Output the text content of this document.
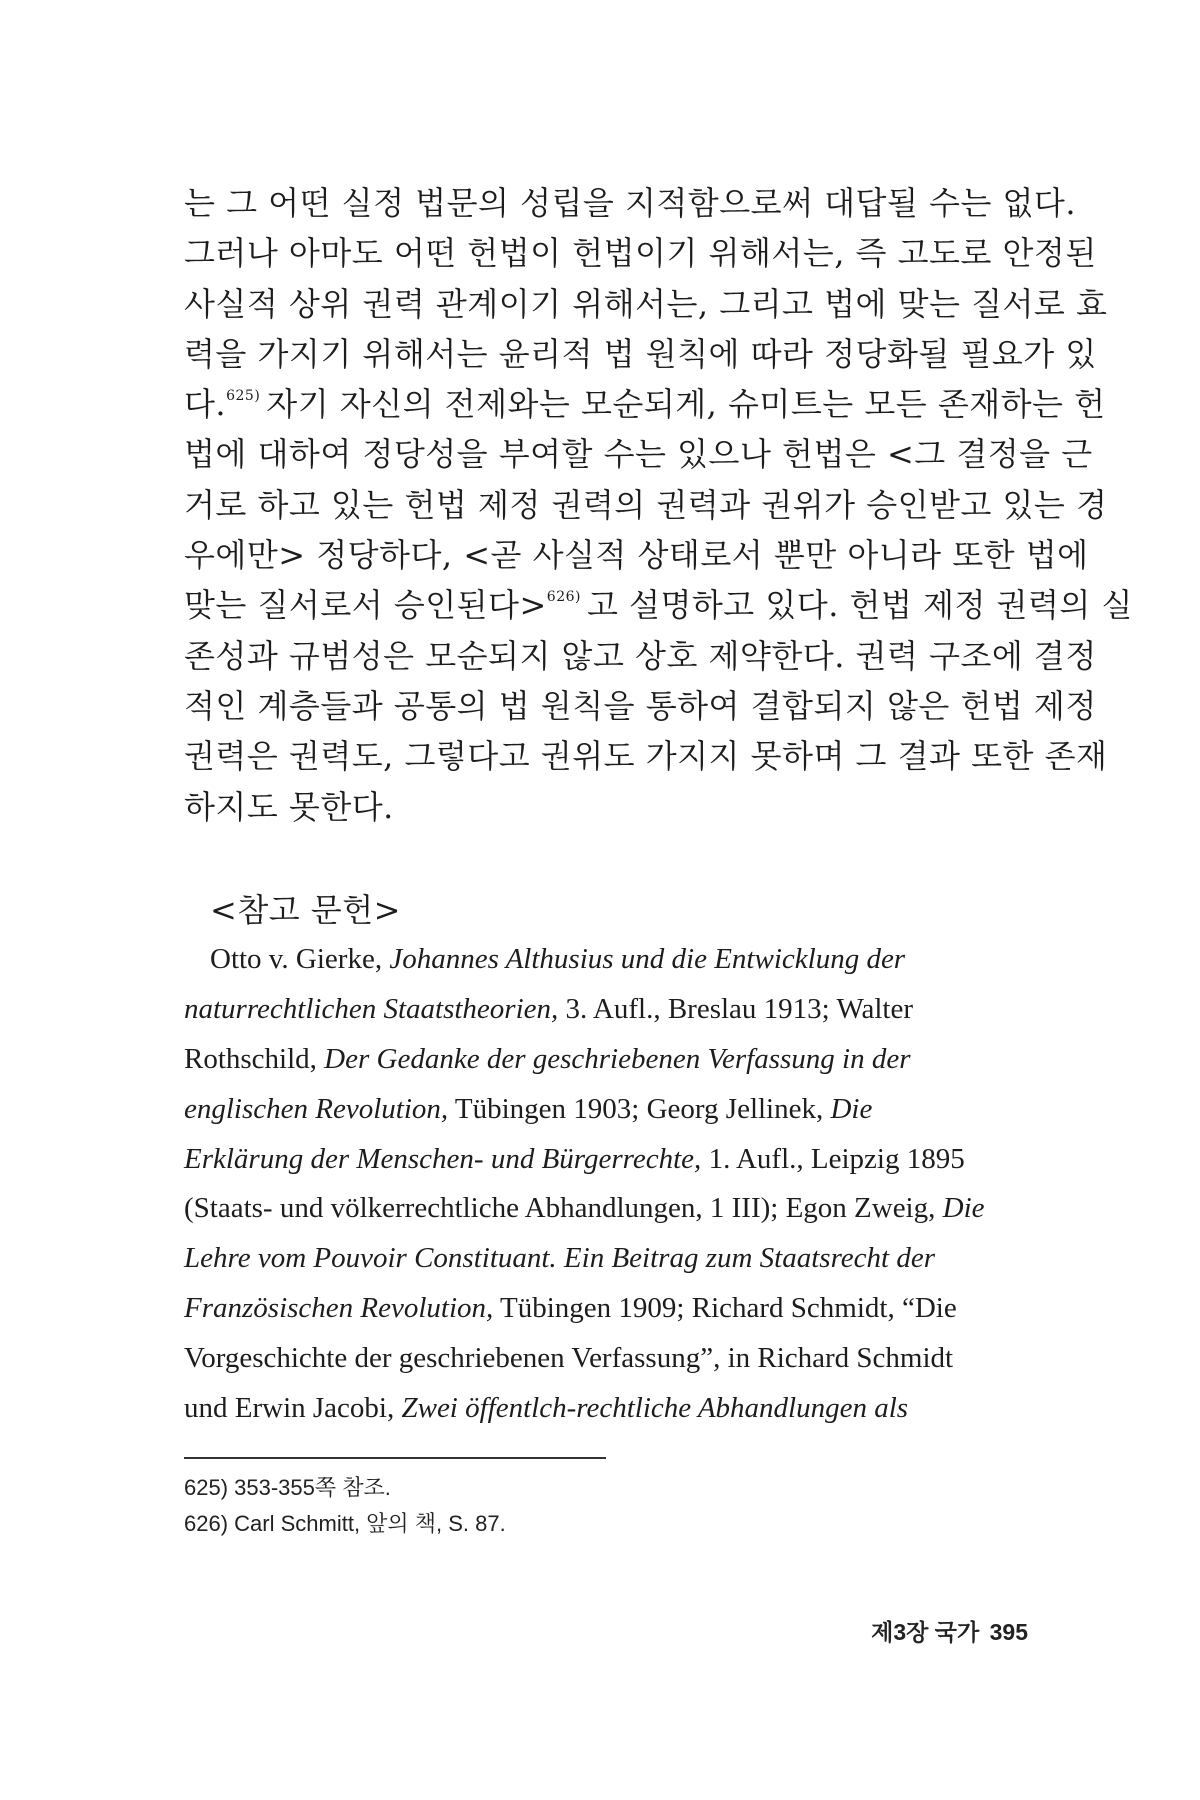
는 그 어떤 실정 법문의 성립을 지적함으로써 대답될 수는 없다.
그러나 아마도 어떤 헌법이 헌법이기 위해서는, 즉 고도로 안정된
사실적 상위 권력 관계이기 위해서는, 그리고 법에 맞는 질서로 효
력을 가지기 위해서는 윤리적 법 원칙에 따라 정당화될 필요가 있
다.$^{625)}$ 자기 자신의 전제와는 모순되게, 슈미트는 모든 존재하는 헌
법에 대하여 정당성을 부여할 수는 있으나 헌법은 <그 결정을 근
거로 하고 있는 헌법 제정 권력의 권력과 권위가 승인받고 있는 경
우에만> 정당하다, <곧 사실적 상태로서 뿐만 아니라 또한 법에
맞는 질서로서 승인된다>$^{626)}$ 고 설명하고 있다. 헌법 제정 권력의 실
존성과 규범성은 모순되지 않고 상호 제약한다. 권력 구조에 결정
적인 계층들과 공통의 법 원칙을 통하여 결합되지 않은 헌법 제정
권력은 권력도, 그렇다고 권위도 가지지 못하며 그 결과 또한 존재
하지도 못한다.
<참고 문헌>
Otto v. Gierke, Johannes Althusius und die Entwicklung der
naturrechtlichen Staatstheorien, 3. Aufl., Breslau 1913; Walter
Rothschild, Der Gedanke der geschriebenen Verfassung in der
englischen Revolution, Tübingen 1903; Georg Jellinek, Die
Erklärung der Menschen- und Bürgerrechte, 1. Aufl., Leipzig 1895
(Staats- und völkerrechtliche Abhandlungen, 1 III); Egon Zweig, Die
Lehre vom Pouvoir Constituant. Ein Beitrag zum Staatsrecht der
Französischen Revolution, Tübingen 1909; Richard Schmidt, “Die
Vorgeschichte der geschriebenen Verfassung”, in Richard Schmidt
und Erwin Jacobi, Zwei öffentlch-rechtliche Abhandlungen als
625) 353-355쪽 참조.
626) Carl Schmitt, 앞의 책, S. 87.
제3장 국가 395
